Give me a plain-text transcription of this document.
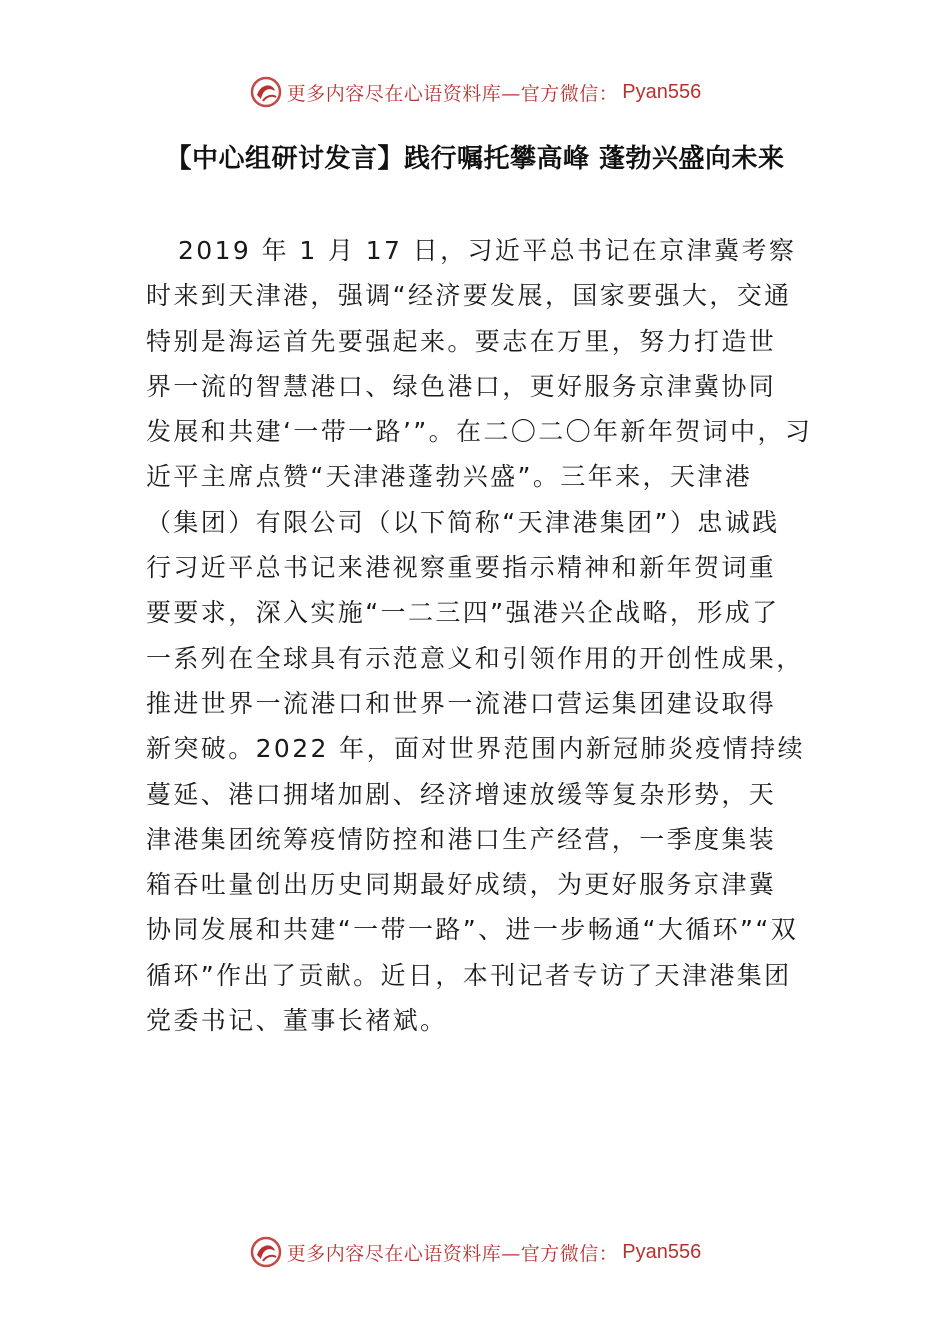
更多内容尽在心语资料库—官方微信： Pyan556
【中心组研讨发言】践行嘱托攀高峰 蓬勃兴盛向未来
2019 年 1 月 17 日，习近平总书记在京津冀考察
时来到天津港，强调“经济要发展，国家要强大，交通
特别是海运首先要强起来。要志在万里，努力打造世
界一流的智慧港口、绿色港口，更好服务京津冀协同
发展和共建‘一带一路’”。在二〇二〇年新年贺词中，习
近平主席点赞“天津港蓬勃兴盛”。三年来，天津港
（集团）有限公司（以下简称“天津港集团”）忠诚践
行习近平总书记来港视察重要指示精神和新年贺词重
要要求，深入实施“一二三四”强港兴企战略，形成了
一系列在全球具有示范意义和引领作用的开创性成果，
推进世界一流港口和世界一流港口营运集团建设取得
新突破。2022 年，面对世界范围内新冠肺炎疫情持续
蔓延、港口拥堵加剧、经济增速放缓等复杂形势，天
津港集团统筹疫情防控和港口生产经营，一季度集装
箱吞吐量创出历史同期最好成绩，为更好服务京津冀
协同发展和共建“一带一路”、进一步畅通“大循环”“双
循环”作出了贡献。近日，本刊记者专访了天津港集团
党委书记、董事长褚斌。
更多内容尽在心语资料库—官方微信： Pyan556
